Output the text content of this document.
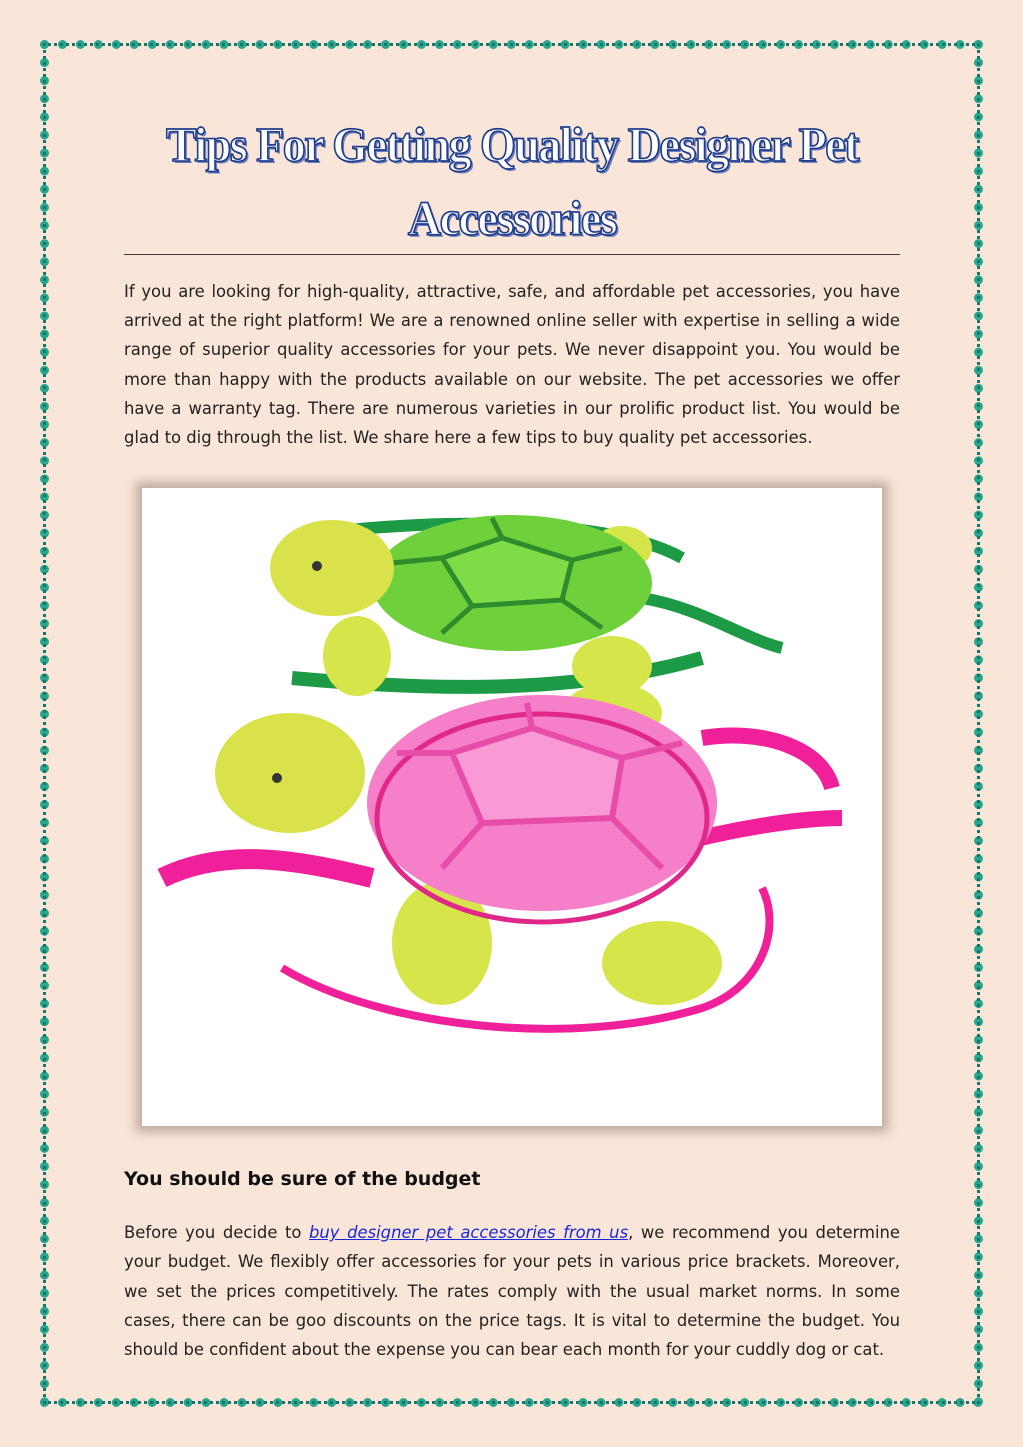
Tips For Getting Quality Designer Pet Accessories

If you are looking for high-quality, attractive, safe, and affordable pet accessories, you have arrived at the right platform! We are a renowned online seller with expertise in selling a wide range of superior quality accessories for your pets. We never disappoint you. You would be more than happy with the products available on our website. The pet accessories we offer have a warranty tag. There are numerous varieties in our prolific product list. You would be glad to dig through the list. We share here a few tips to buy quality pet accessories.

You should be sure of the budget

Before you decide to buy designer pet accessories from us, we recommend you determine your budget. We flexibly offer accessories for your pets in various price brackets. Moreover, we set the prices competitively. The rates comply with the usual market norms. In some cases, there can be goo discounts on the price tags. It is vital to determine the budget. You should be confident about the expense you can bear each month for your cuddly dog or cat.
